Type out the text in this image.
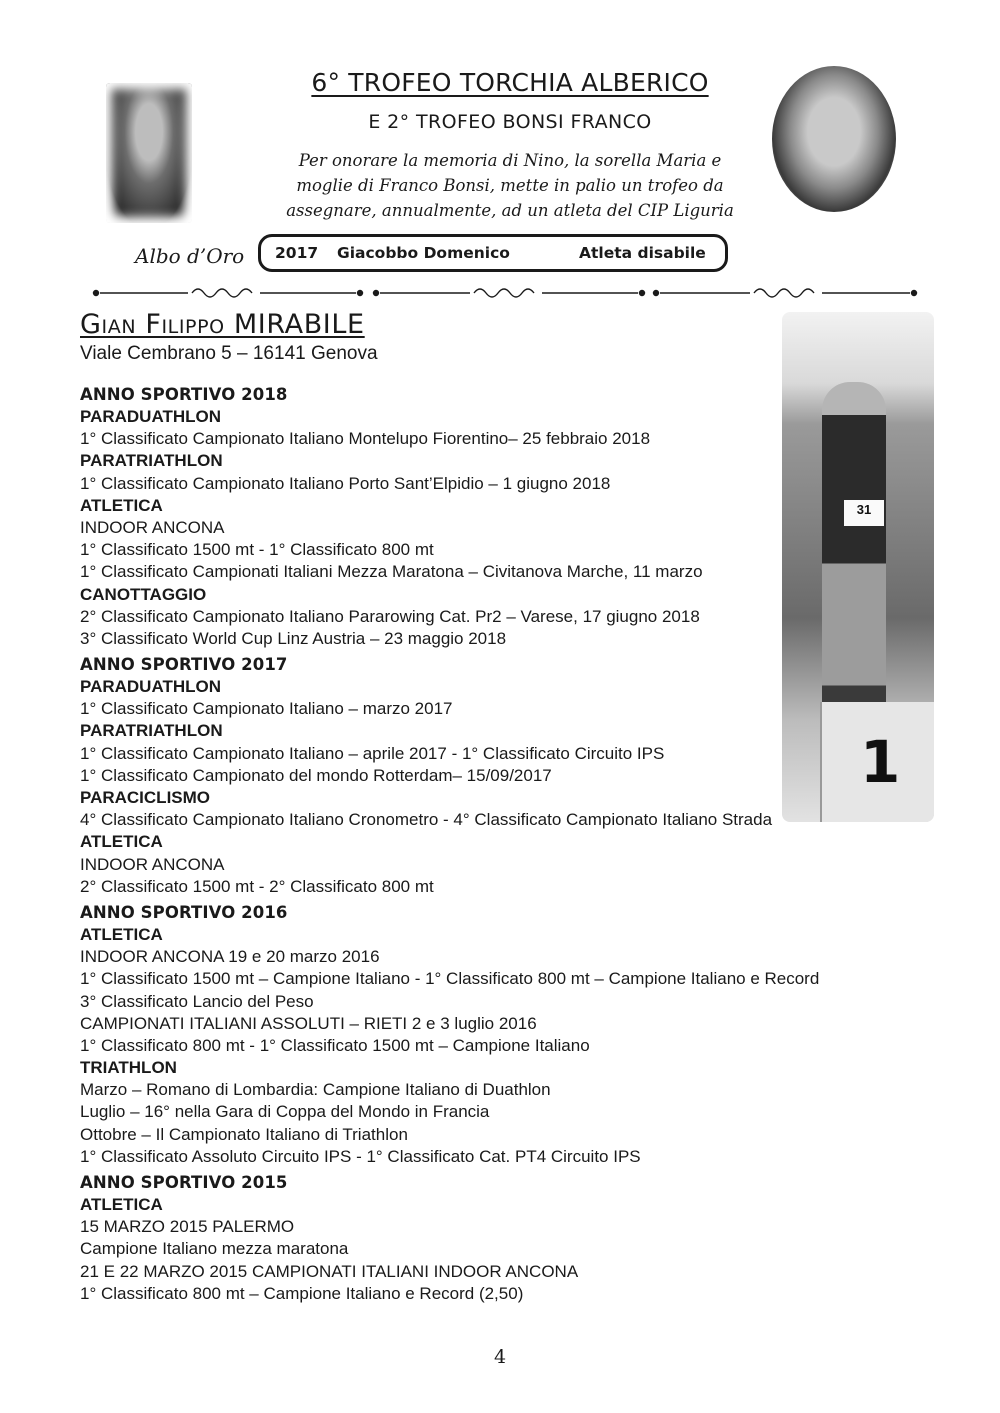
6° TROFEO TORCHIA ALBERICO
E 2° TROFEO BONSI FRANCO
Per onorare la memoria di Nino, la sorella Maria e
moglie di Franco Bonsi, mette in palio un trofeo da
assegnare, annualmente, ad un atleta del CIP Liguria
Albo d’Oro 2017 Giacobbo Domenico	Atleta disabile
Gian Filippo MIRABILE
Viale Cembrano 5 – 16141 Genova
31
1
ANNO SPORTIVO 2018
PARADUATHLON
1° Classificato Campionato Italiano Montelupo Fiorentino– 25 febbraio 2018
PARATRIATHLON
1° Classificato Campionato Italiano Porto Sant’Elpidio – 1 giugno 2018
ATLETICA
INDOOR ANCONA
1° Classificato 1500 mt - 1° Classificato 800 mt
1° Classificato Campionati Italiani Mezza Maratona – Civitanova Marche, 11 marzo
CANOTTAGGIO
2° Classificato Campionato Italiano Pararowing Cat. Pr2 – Varese, 17 giugno 2018
3° Classificato World Cup Linz Austria – 23 maggio 2018
ANNO SPORTIVO 2017
PARADUATHLON
1° Classificato Campionato Italiano – marzo 2017
PARATRIATHLON
1° Classificato Campionato Italiano – aprile 2017 - 1° Classificato Circuito IPS
1° Classificato Campionato del mondo Rotterdam– 15/09/2017
PARACICLISMO
4° Classificato Campionato Italiano Cronometro - 4° Classificato Campionato Italiano Strada
ATLETICA
INDOOR ANCONA
2° Classificato 1500 mt - 2° Classificato 800 mt
ANNO SPORTIVO 2016
ATLETICA
INDOOR ANCONA 19 e 20 marzo 2016
1° Classificato 1500 mt – Campione Italiano - 1° Classificato 800 mt – Campione Italiano e Record
3° Classificato Lancio del Peso
CAMPIONATI ITALIANI ASSOLUTI – RIETI 2 e 3 luglio 2016
1° Classificato 800 mt - 1° Classificato 1500 mt – Campione Italiano
TRIATHLON
Marzo – Romano di Lombardia: Campione Italiano di Duathlon
Luglio – 16° nella Gara di Coppa del Mondo in Francia
Ottobre – Il Campionato Italiano di Triathlon
1° Classificato Assoluto Circuito IPS - 1° Classificato Cat. PT4 Circuito IPS
ANNO SPORTIVO 2015
ATLETICA
15 MARZO 2015 PALERMO
Campione Italiano mezza maratona
21 E 22 MARZO 2015 CAMPIONATI ITALIANI INDOOR ANCONA
1° Classificato 800 mt – Campione Italiano e Record (2,50)
4
